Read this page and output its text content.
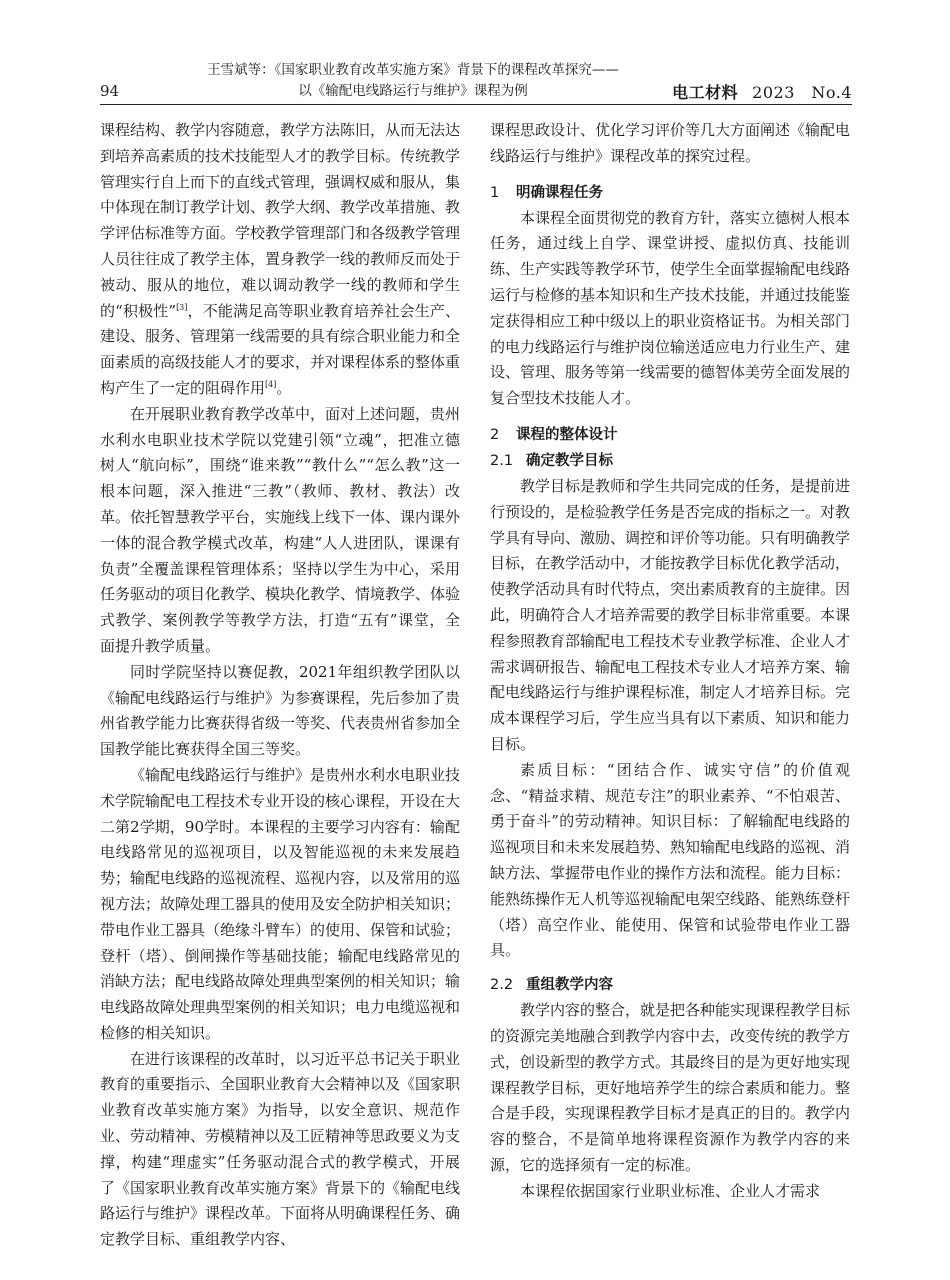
94
王雪斌等：《国家职业教育改革实施方案》背景下的课程改革探究——
以《输配电线路运行与维护》课程为例	电工材料 2023　No.4

课程结构、教学内容随意，教学方法陈旧，从而无法达到培养高素质的技术技能型人才的教学目标。传统教学管理实行自上而下的直线式管理，强调权威和服从，集中体现在制订教学计划、教学大纲、教学改革措施、教学评估标准等方面。学校教学管理部门和各级教学管理人员往往成了教学主体，置身教学一线的教师反而处于被动、服从的地位，难以调动教学一线的教师和学生的“积极性”[3]，不能满足高等职业教育培养社会生产、建设、服务、管理第一线需要的具有综合职业能力和全面素质的高级技能人才的要求，并对课程体系的整体重构产生了一定的阻碍作用[4]。

在开展职业教育教学改革中，面对上述问题，贵州水利水电职业技术学院以党建引领“立魂”，把准立德树人“航向标”，围绕“谁来教”“教什么”“怎么教”这一根本问题，深入推进“三教”（教师、教材、教法）改革。依托智慧教学平台，实施线上线下一体、课内课外一体的混合教学模式改革，构建“人人进团队，课课有负责”全覆盖课程管理体系；坚持以学生为中心，采用任务驱动的项目化教学、模块化教学、情境教学、体验式教学、案例教学等教学方法，打造“五有”课堂，全面提升教学质量。

同时学院坚持以赛促教，2021年组织教学团队以《输配电线路运行与维护》为参赛课程，先后参加了贵州省教学能力比赛获得省级一等奖、代表贵州省参加全国教学能比赛获得全国三等奖。

《输配电线路运行与维护》是贵州水利水电职业技术学院输配电工程技术专业开设的核心课程，开设在大二第2学期，90学时。本课程的主要学习内容有：输配电线路常见的巡视项目，以及智能巡视的未来发展趋势；输配电线路的巡视流程、巡视内容，以及常用的巡视方法；故障处理工器具的使用及安全防护相关知识；带电作业工器具（绝缘斗臂车）的使用、保管和试验；登杆（塔）、倒闸操作等基础技能；输配电线路常见的消缺方法；配电线路故障处理典型案例的相关知识；输电线路故障处理典型案例的相关知识；电力电缆巡视和检修的相关知识。

在进行该课程的改革时，以习近平总书记关于职业教育的重要指示、全国职业教育大会精神以及《国家职业教育改革实施方案》为指导，以安全意识、规范作业、劳动精神、劳模精神以及工匠精神等思政要义为支撑，构建“理虚实”任务驱动混合式的教学模式，开展了《国家职业教育改革实施方案》背景下的《输配电线路运行与维护》课程改革。下面将从明确课程任务、确定教学目标、重组教学内容、

课程思政设计、优化学习评价等几大方面阐述《输配电线路运行与维护》课程改革的探究过程。

1 明确课程任务

本课程全面贯彻党的教育方针，落实立德树人根本任务，通过线上自学、课堂讲授、虚拟仿真、技能训练、生产实践等教学环节，使学生全面掌握输配电线路运行与检修的基本知识和生产技术技能，并通过技能鉴定获得相应工种中级以上的职业资格证书。为相关部门的电力线路运行与维护岗位输送适应电力行业生产、建设、管理、服务等第一线需要的德智体美劳全面发展的复合型技术技能人才。

2 课程的整体设计
2.1 确定教学目标

教学目标是教师和学生共同完成的任务，是提前进行预设的，是检验教学任务是否完成的指标之一。对教学具有导向、激励、调控和评价等功能。只有明确教学目标，在教学活动中，才能按教学目标优化教学活动，使教学活动具有时代特点，突出素质教育的主旋律。因此，明确符合人才培养需要的教学目标非常重要。本课程参照教育部输配电工程技术专业教学标准、企业人才需求调研报告、输配电工程技术专业人才培养方案、输配电线路运行与维护课程标准，制定人才培养目标。完成本课程学习后，学生应当具有以下素质、知识和能力目标。

素质目标：“团结合作、诚实守信”的价值观念、“精益求精、规范专注”的职业素养、“不怕艰苦、勇于奋斗”的劳动精神。知识目标：了解输配电线路的巡视项目和未来发展趋势、熟知输配电线路的巡视、消缺方法、掌握带电作业的操作方法和流程。能力目标：能熟练操作无人机等巡视输配电架空线路、能熟练登杆（塔）高空作业、能使用、保管和试验带电作业工器具。

2.2 重组教学内容

教学内容的整合，就是把各种能实现课程教学目标的资源完美地融合到教学内容中去，改变传统的教学方式，创设新型的教学方式。其最终目的是为更好地实现课程教学目标，更好地培养学生的综合素质和能力。整合是手段，实现课程教学目标才是真正的目的。教学内容的整合，不是简单地将课程资源作为教学内容的来源，它的选择须有一定的标准。

本课程依据国家行业职业标准、企业人才需求
